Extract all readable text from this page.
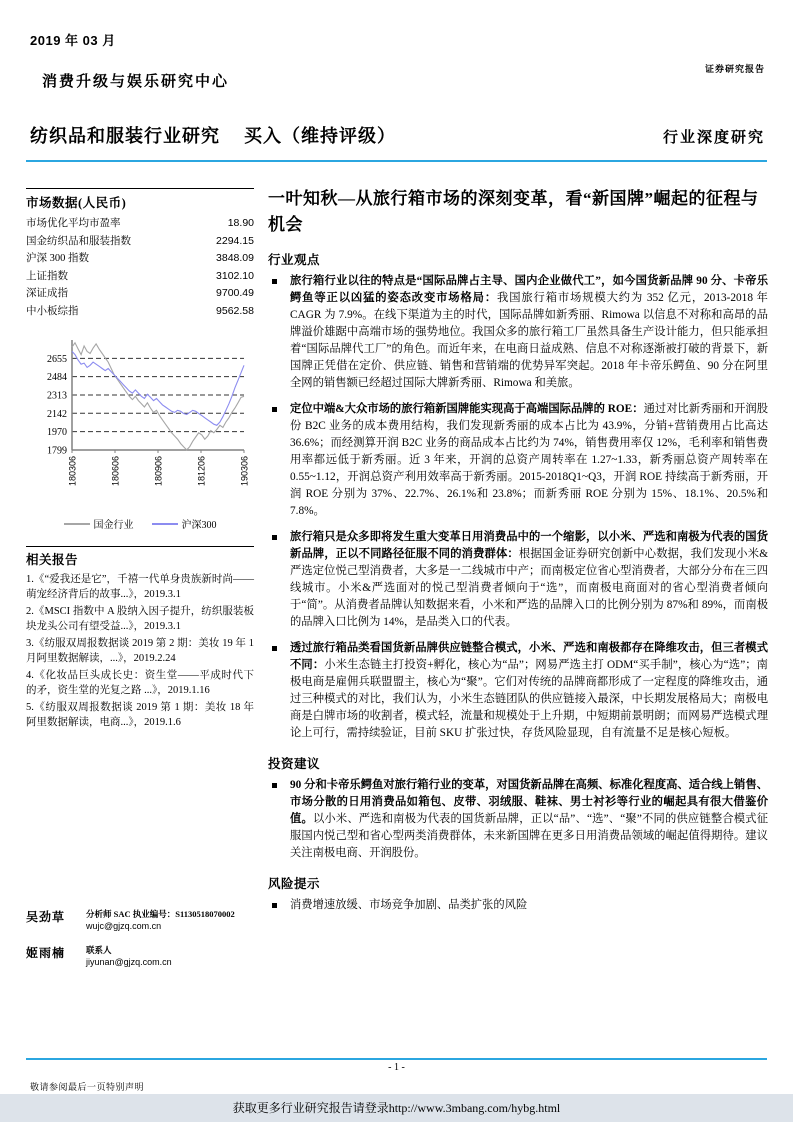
2019 年 03 月
证券研究报告
消费升级与娱乐研究中心
纺织品和服装行业研究 买入（维持评级）	行业深度研究
市场数据(人民币)
市场优化平均市盈率	18.90
国金纺织品和服装指数	2294.15
沪深 300 指数	3848.09
上证指数	3102.10
深证成指	9700.49
中小板综指	9562.58
1799
1970
2142
2313
2484
2655
180306	180606	180906	181206	190306
国金行业	沪深300
相关报告
1.《“爱我还是它”，千禧一代单身贵族新时尚——萌宠经济背后的故事...》，2019.3.1
2.《MSCI 指数中 A 股纳入因子提升，纺织服装板块龙头公司有望受益...》，2019.3.1
3.《纺服双周报数据谈 2019 第 2 期：美妆 19 年 1 月阿里数据解读，...》，2019.2.24
4.《化妆品巨头成长史：资生堂——平成时代下的矛，资生堂的光复之路 ...》，2019.1.16
5.《纺服双周报数据谈 2019 第 1 期：美妆 18 年阿里数据解读，电商...》，2019.1.6
吴劲草	分析师 SAC 执业编号：S1130518070002
wujc@gjzq.com.cn
姬雨楠	联系人
jiyunan@gjzq.com.cn
一叶知秋—从旅行箱市场的深刻变革，看“新国牌”崛起的征程与机会
行业观点
旅行箱行业以往的特点是“国际品牌占主导、国内企业做代工”，如今国货新品牌 90 分、卡帝乐鳄鱼等正以凶猛的姿态改变市场格局：我国旅行箱市场规模大约为 352 亿元，2013-2018 年 CAGR 为 7.9%。在线下渠道为主的时代，国际品牌如新秀丽、Rimowa 以信息不对称和高昂的品牌溢价雄踞中高端市场的强势地位。我国众多的旅行箱工厂虽然具备生产设计能力，但只能承担着“国际品牌代工厂”的角色。而近年来，在电商日益成熟、信息不对称逐渐被打破的背景下，新国牌正凭借在定价、供应链、销售和营销端的优势异军突起。2018 年卡帝乐鳄鱼、90 分在阿里全网的销售额已经超过国际大牌新秀丽、Rimowa 和美旅。
定位中端&大众市场的旅行箱新国牌能实现高于高端国际品牌的 ROE：通过对比新秀丽和开润股份 B2C 业务的成本费用结构，我们发现新秀丽的成本占比为 43.9%，分销+营销费用占比高达 36.6%；而经测算开润 B2C 业务的商品成本占比约为 74%，销售费用率仅 12%，毛利率和销售费用率都远低于新秀丽。近 3 年来，开润的总资产周转率在 1.27~1.33，新秀丽总资产周转率在 0.55~1.12，开润总资产利用效率高于新秀丽。2015-2018Q1~Q3，开润 ROE 持续高于新秀丽，开润 ROE 分别为 37%、22.7%、26.1%和 23.8%；而新秀丽 ROE 分别为 15%、18.1%、20.5%和 7.8%。
旅行箱只是众多即将发生重大变革日用消费品中的一个缩影，以小米、严选和南极为代表的国货新品牌，正以不同路径征服不同的消费群体：根据国金证券研究创新中心数据，我们发现小米&严选定位悦己型消费者，大多是一二线城市中产；而南极定位省心型消费者，大部分分布在三四线城市。小米&严选面对的悦己型消费者倾向于“选”，而南极电商面对的省心型消费者倾向于“简”。从消费者品牌认知数据来看，小米和严选的品牌入口的比例分别为 87%和 89%，而南极的品牌入口比例为 14%，是品类入口的代表。
透过旅行箱品类看国货新品牌供应链整合模式，小米、严选和南极都存在降维攻击，但三者模式不同：小米生态链主打投资+孵化，核心为“品”；网易严选主打 ODM“买手制”，核心为“选”；南极电商是雇佣兵联盟盟主，核心为“聚”。它们对传统的品牌商都形成了一定程度的降维攻击，通过三种模式的对比，我们认为，小米生态链团队的供应链接入最深，中长期发展格局大；南极电商是白牌市场的收割者，模式轻，流量和规模处于上升期，中短期前景明朗；而网易严选模式理论上可行，需持续验证，目前 SKU 扩张过快，存货风险显现，自有流量不足是核心短板。
投资建议
90 分和卡帝乐鳄鱼对旅行箱行业的变革，对国货新品牌在高频、标准化程度高、适合线上销售、市场分散的日用消费品如箱包、皮带、羽绒服、鞋袜、男士衬衫等行业的崛起具有很大借鉴价值。以小米、严选和南极为代表的国货新品牌，正以“品”、“选”、“聚”不同的供应链整合模式征服国内悦己型和省心型两类消费群体，未来新国牌在更多日用消费品领域的崛起值得期待。建议关注南极电商、开润股份。
风险提示
消费增速放缓、市场竞争加剧、品类扩张的风险
- 1 -
敬请参阅最后一页特别声明
获取更多行业研究报告请登录http://www.3mbang.com/hybg.html
